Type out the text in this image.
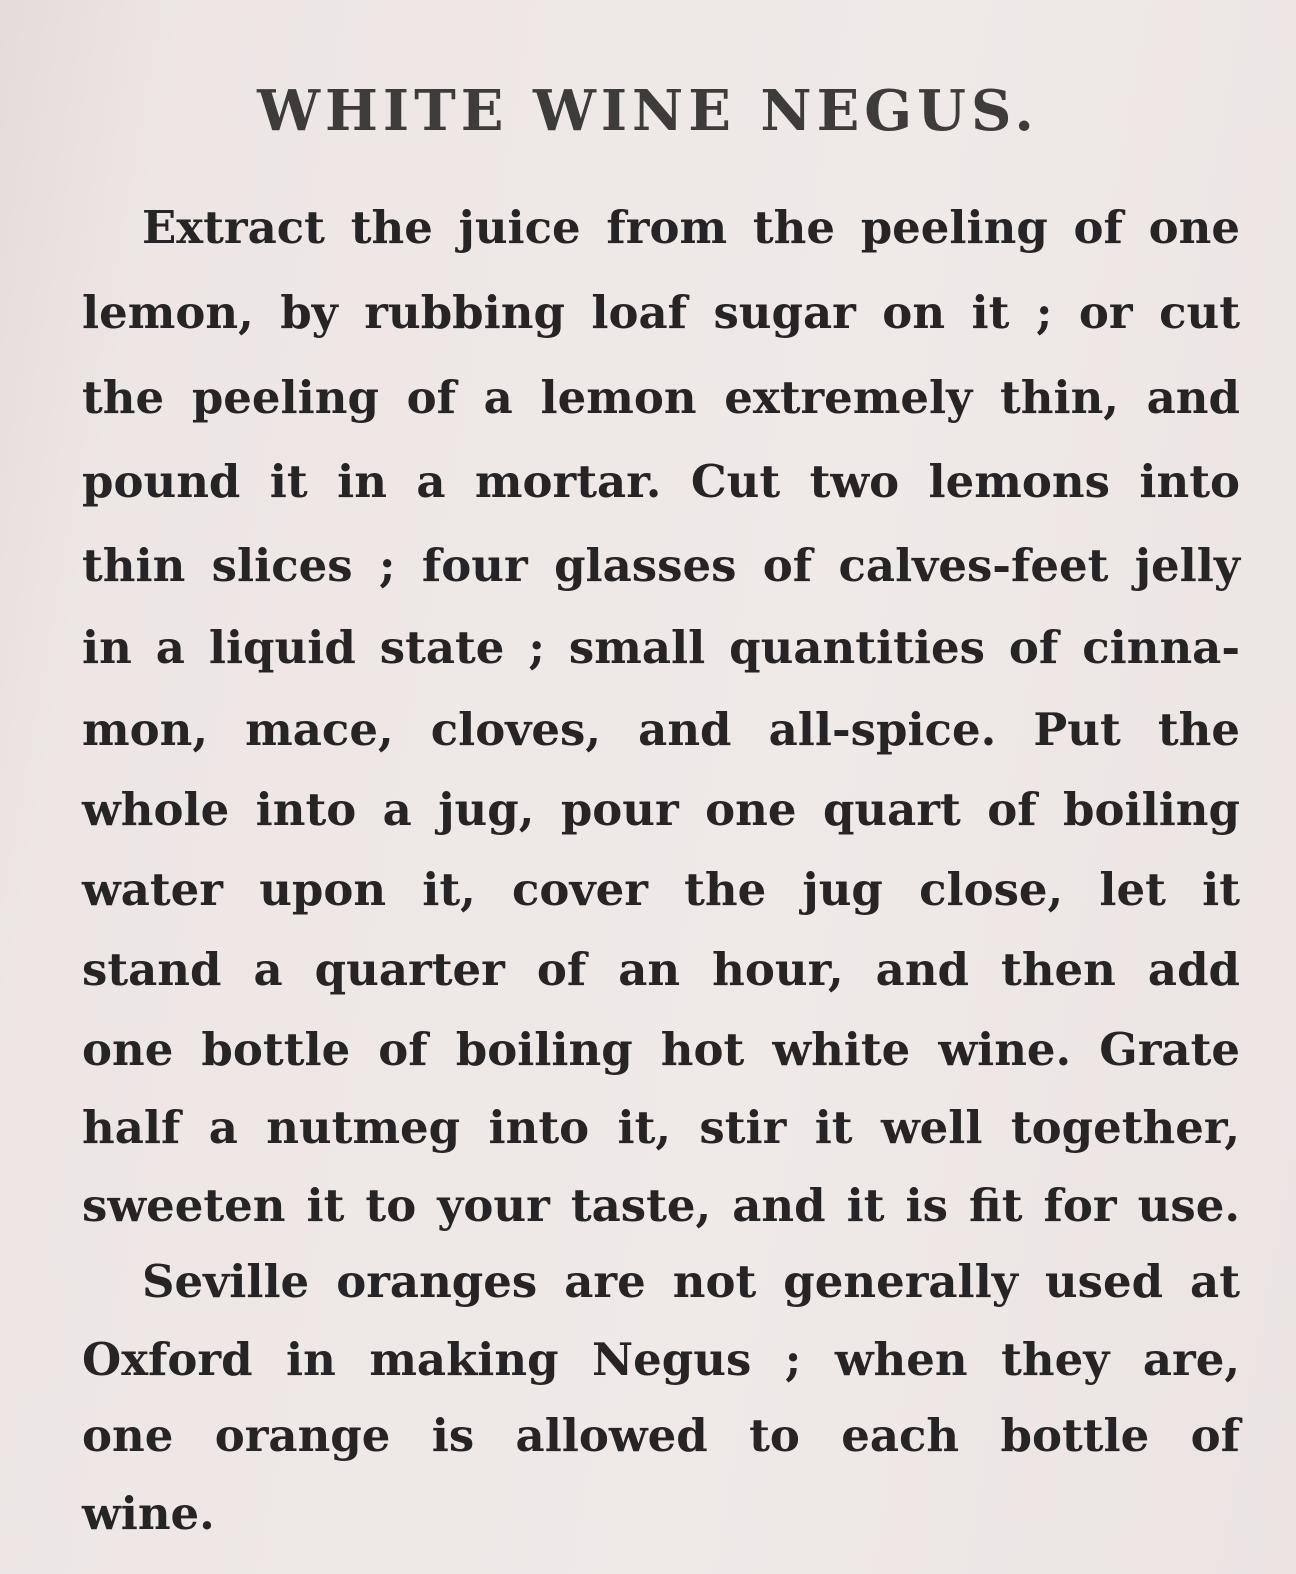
WHITE WINE NEGUS.

Extract the juice from the peeling of one

lemon, by rubbing loaf sugar on it ; or cut

the peeling of a lemon extremely thin, and

pound it in a mortar. Cut two lemons into

thin slices ; four glasses of calves-feet jelly

in a liquid state ; small quantities of cinna-

mon, mace, cloves, and all-spice. Put the

whole into a jug, pour one quart of boiling

water upon it, cover the jug close, let it

stand a quarter of an hour, and then add

one bottle of boiling hot white wine. Grate

half a nutmeg into it, stir it well together,

sweeten it to your taste, and it is fit for use.

Seville oranges are not generally used at

Oxford in making Negus ; when they are,

one orange is allowed to each bottle of

wine.
